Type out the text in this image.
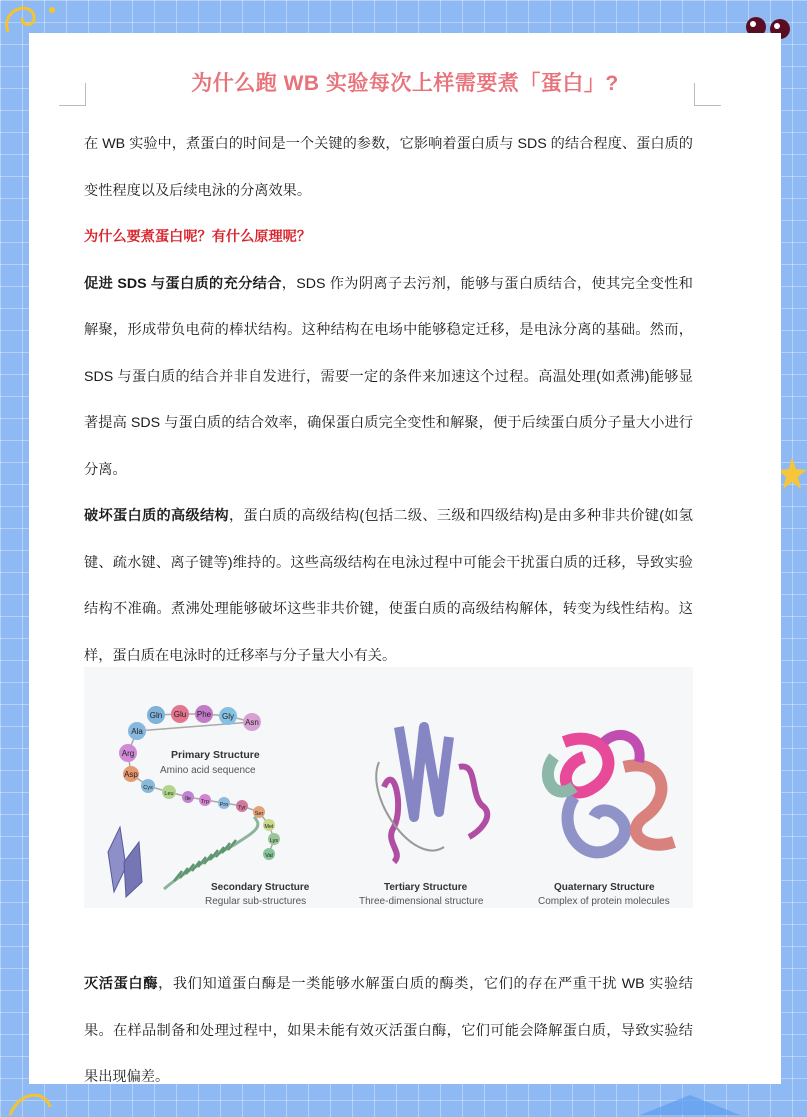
为什么跑 WB 实验每次上样需要煮「蛋白」?

在 WB 实验中，煮蛋白的时间是一个关键的参数，它影响着蛋白质与 SDS 的结合程度、蛋白质的变性程度以及后续电泳的分离效果。

为什么要煮蛋白呢？有什么原理呢？

促进 SDS 与蛋白质的充分结合，SDS 作为阴离子去污剂，能够与蛋白质结合，使其完全变性和解聚，形成带负电荷的棒状结构。这种结构在电场中能够稳定迁移，是电泳分离的基础。然而，SDS 与蛋白质的结合并非自发进行，需要一定的条件来加速这个过程。高温处理(如煮沸)能够显著提高 SDS 与蛋白质的结合效率，确保蛋白质完全变性和解聚，便于后续蛋白质分子量大小进行分离。

破坏蛋白质的高级结构，蛋白质的高级结构(包括二级、三级和四级结构)是由多种非共价键(如氢键、疏水键、离子键等)维持的。这些高级结构在电泳过程中可能会干扰蛋白质的迁移，导致实验结构不准确。煮沸处理能够破坏这些非共价键，使蛋白质的高级结构解体，转变为线性结构。这样，蛋白质在电泳时的迁移率与分子量大小有关。

Gln Glu Phe Gly
Asn
Ala
Arg
Asp
Cys
Leu
Ile Trp Pro Tyr
Ser
Met
Lys
Val
Primary Structure
Amino acid sequence
Secondary Structure
Regular sub-structures
Tertiary Structure
Three-dimensional structure
Quaternary Structure
Complex of protein molecules

灭活蛋白酶，我们知道蛋白酶是一类能够水解蛋白质的酶类，它们的存在严重干扰 WB 实验结果。在样品制备和处理过程中，如果未能有效灭活蛋白酶，它们可能会降解蛋白质，导致实验结果出现偏差。
